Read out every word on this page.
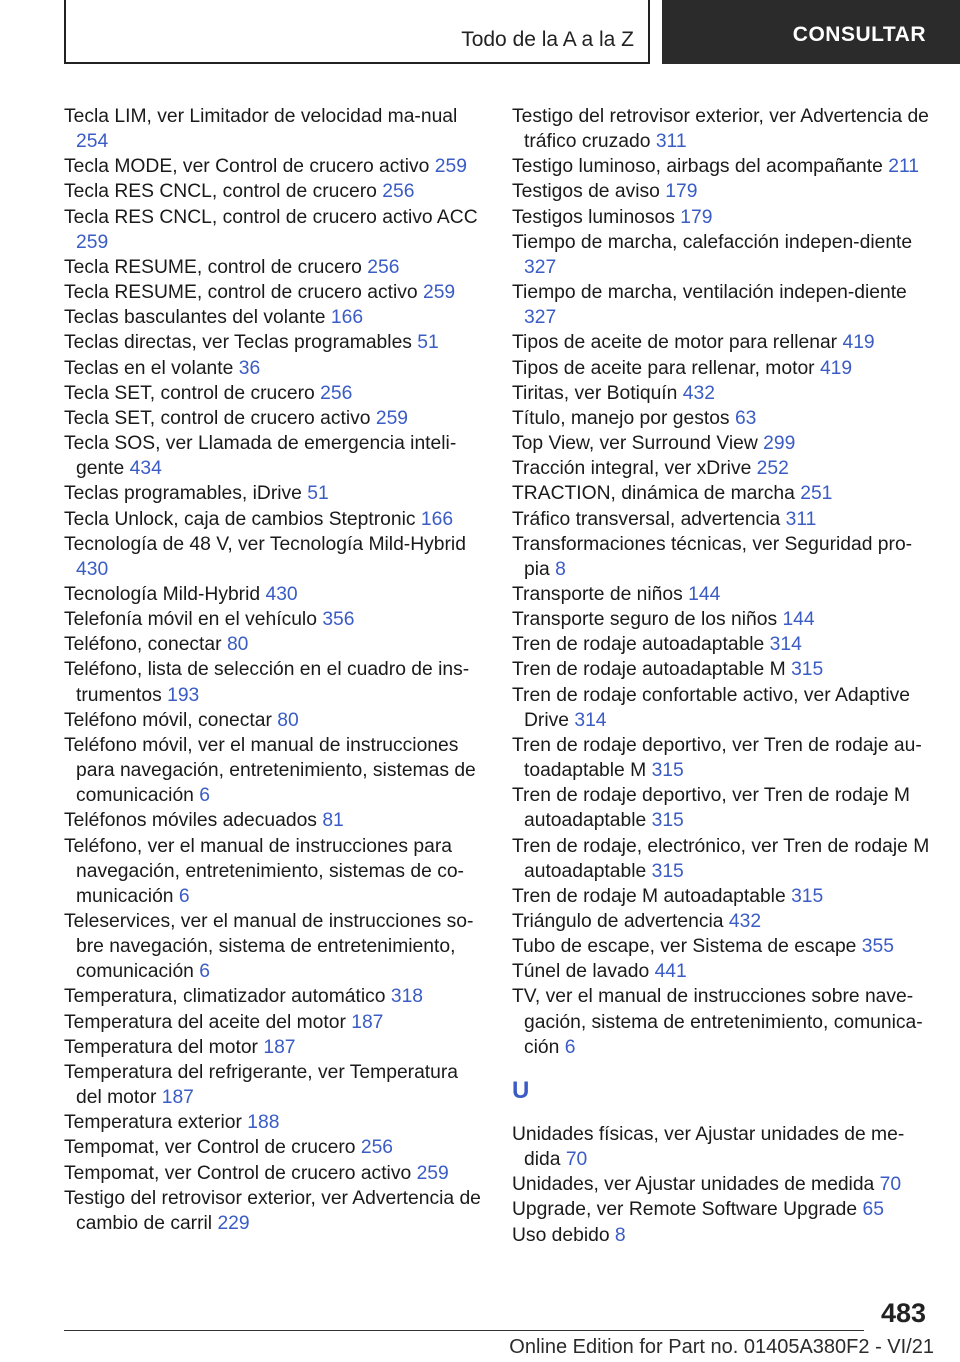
Todo de la A a la Z	CONSULTAR
Tecla LIM, ver Limitador de velocidad ma-nual 254
Tecla MODE, ver Control de crucero activo 259
Tecla RES CNCL, control de crucero 256
Tecla RES CNCL, control de crucero activo ACC 259
Tecla RESUME, control de crucero 256
Tecla RESUME, control de crucero activo 259
Teclas basculantes del volante 166
Teclas directas, ver Teclas programables 51
Teclas en el volante 36
Tecla SET, control de crucero 256
Tecla SET, control de crucero activo 259
Tecla SOS, ver Llamada de emergencia inteli-gente 434
Teclas programables, iDrive 51
Tecla Unlock, caja de cambios Steptronic 166
Tecnología de 48 V, ver Tecnología Mild-Hybrid 430
Tecnología Mild-Hybrid 430
Telefonía móvil en el vehículo 356
Teléfono, conectar 80
Teléfono, lista de selección en el cuadro de ins-trumentos 193
Teléfono móvil, conectar 80
Teléfono móvil, ver el manual de instrucciones para navegación, entretenimiento, sistemas de comunicación 6
Teléfonos móviles adecuados 81
Teléfono, ver el manual de instrucciones para navegación, entretenimiento, sistemas de co-municación 6
Teleservices, ver el manual de instrucciones so-bre navegación, sistema de entretenimiento, comunicación 6
Temperatura, climatizador automático 318
Temperatura del aceite del motor 187
Temperatura del motor 187
Temperatura del refrigerante, ver Temperatura del motor 187
Temperatura exterior 188
Tempomat, ver Control de crucero 256
Tempomat, ver Control de crucero activo 259
Testigo del retrovisor exterior, ver Advertencia de cambio de carril 229
Testigo del retrovisor exterior, ver Advertencia de tráfico cruzado 311
Testigo luminoso, airbags del acompañante 211
Testigos de aviso 179
Testigos luminosos 179
Tiempo de marcha, calefacción indepen-diente 327
Tiempo de marcha, ventilación indepen-diente 327
Tipos de aceite de motor para rellenar 419
Tipos de aceite para rellenar, motor 419
Tiritas, ver Botiquín 432
Título, manejo por gestos 63
Top View, ver Surround View 299
Tracción integral, ver xDrive 252
TRACTION, dinámica de marcha 251
Tráfico transversal, advertencia 311
Transformaciones técnicas, ver Seguridad pro-pia 8
Transporte de niños 144
Transporte seguro de los niños 144
Tren de rodaje autoadaptable 314
Tren de rodaje autoadaptable M 315
Tren de rodaje confortable activo, ver Adaptive Drive 314
Tren de rodaje deportivo, ver Tren de rodaje au-toadaptable M 315
Tren de rodaje deportivo, ver Tren de rodaje M autoadaptable 315
Tren de rodaje, electrónico, ver Tren de rodaje M autoadaptable 315
Tren de rodaje M autoadaptable 315
Triángulo de advertencia 432
Tubo de escape, ver Sistema de escape 355
Túnel de lavado 441
TV, ver el manual de instrucciones sobre nave-gación, sistema de entretenimiento, comunica-ción 6
U
Unidades físicas, ver Ajustar unidades de me-dida 70
Unidades, ver Ajustar unidades de medida 70
Upgrade, ver Remote Software Upgrade 65
Uso debido 8
483
Online Edition for Part no. 01405A380F2 - VI/21
